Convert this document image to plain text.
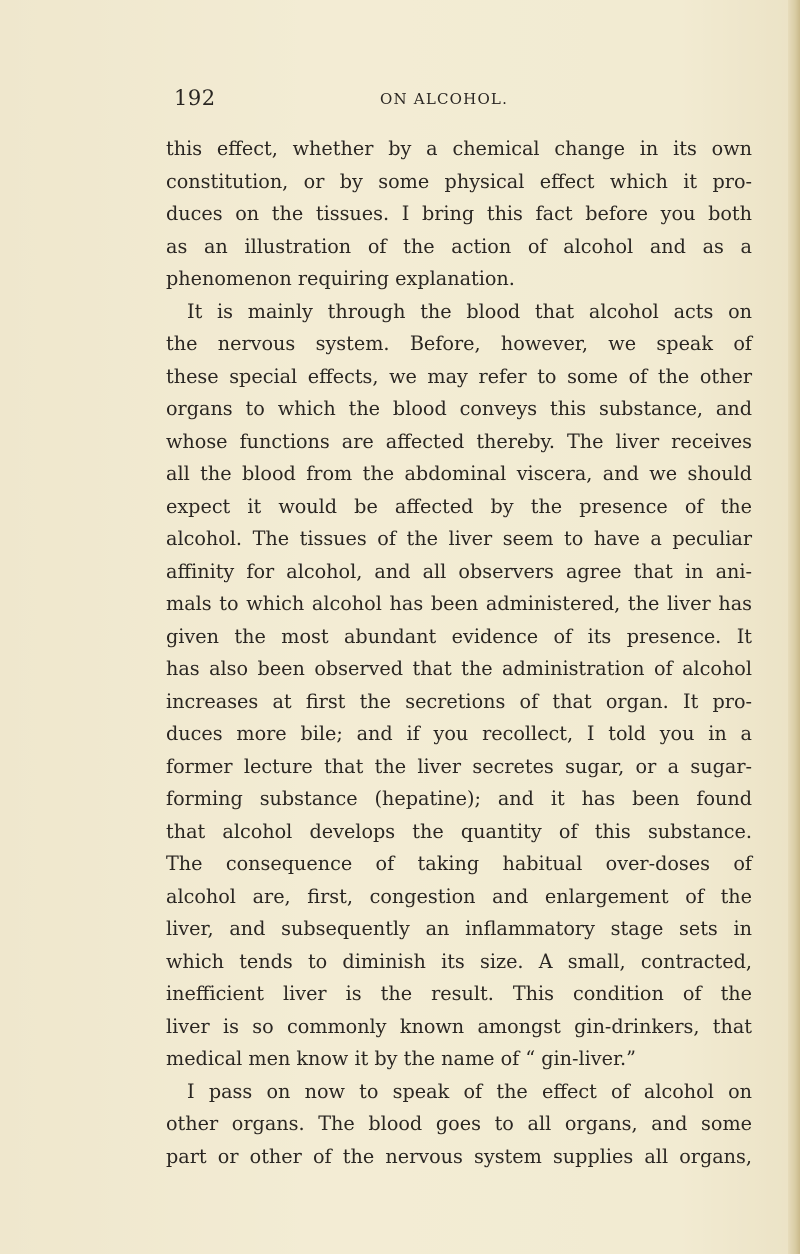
192	ON ALCOHOL.
this effect, whether by a chemical change in its own
constitution, or by some physical effect which it pro-
duces on the tissues. I bring this fact before you both
as an illustration of the action of alcohol and as a
phenomenon requiring explanation.
It is mainly through the blood that alcohol acts on
the nervous system. Before, however, we speak of
these special effects, we may refer to some of the other
organs to which the blood conveys this substance, and
whose functions are affected thereby. The liver receives
all the blood from the abdominal viscera, and we should
expect it would be affected by the presence of the
alcohol. The tissues of the liver seem to have a peculiar
affinity for alcohol, and all observers agree that in ani-
mals to which alcohol has been administered, the liver has
given the most abundant evidence of its presence. It
has also been observed that the administration of alcohol
increases at first the secretions of that organ. It pro-
duces more bile; and if you recollect, I told you in a
former lecture that the liver secretes sugar, or a sugar-
forming substance (hepatine); and it has been found
that alcohol develops the quantity of this substance.
The consequence of taking habitual over-doses of
alcohol are, first, congestion and enlargement of the
liver, and subsequently an inflammatory stage sets in
which tends to diminish its size. A small, contracted,
inefficient liver is the result. This condition of the
liver is so commonly known amongst gin-drinkers, that
medical men know it by the name of “ gin-liver.”
I pass on now to speak of the effect of alcohol on
other organs. The blood goes to all organs, and some
part or other of the nervous system supplies all organs,
